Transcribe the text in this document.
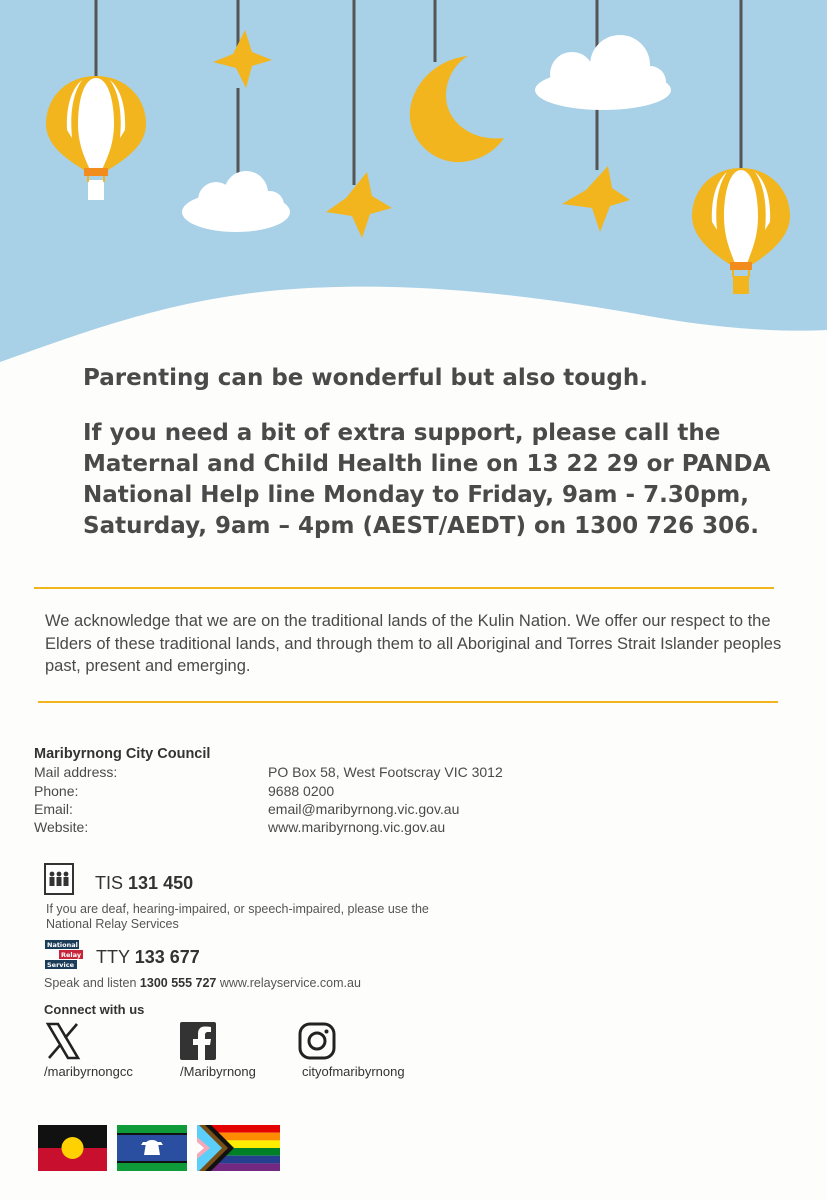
Parenting can be wonderful but also tough.

If you need a bit of extra support, please call the
Maternal and Child Health line on 13 22 29 or PANDA
National Help line Monday to Friday, 9am - 7.30pm,
Saturday, 9am – 4pm (AEST/AEDT) on 1300 726 306.

We acknowledge that we are on the traditional lands of the Kulin Nation. We offer our respect to the Elders of these traditional lands, and through them to all Aboriginal and Torres Strait Islander peoples past, present and emerging.
Maribyrnong City Council
Mail address:	PO Box 58, West Footscray VIC 3012
Phone:	9688 0200
Email:	email@maribyrnong.vic.gov.au
Website:	www.maribyrnong.vic.gov.au
TIS 131 450
If you are deaf, hearing-impaired, or speech-impaired, please use the National Relay Services
National
Relay
Service TTY 133 677
Speak and listen 1300 555 727 www.relayservice.com.au
Connect with us
/maribyrnongcc	/Maribyrnong	cityofmaribyrnong
